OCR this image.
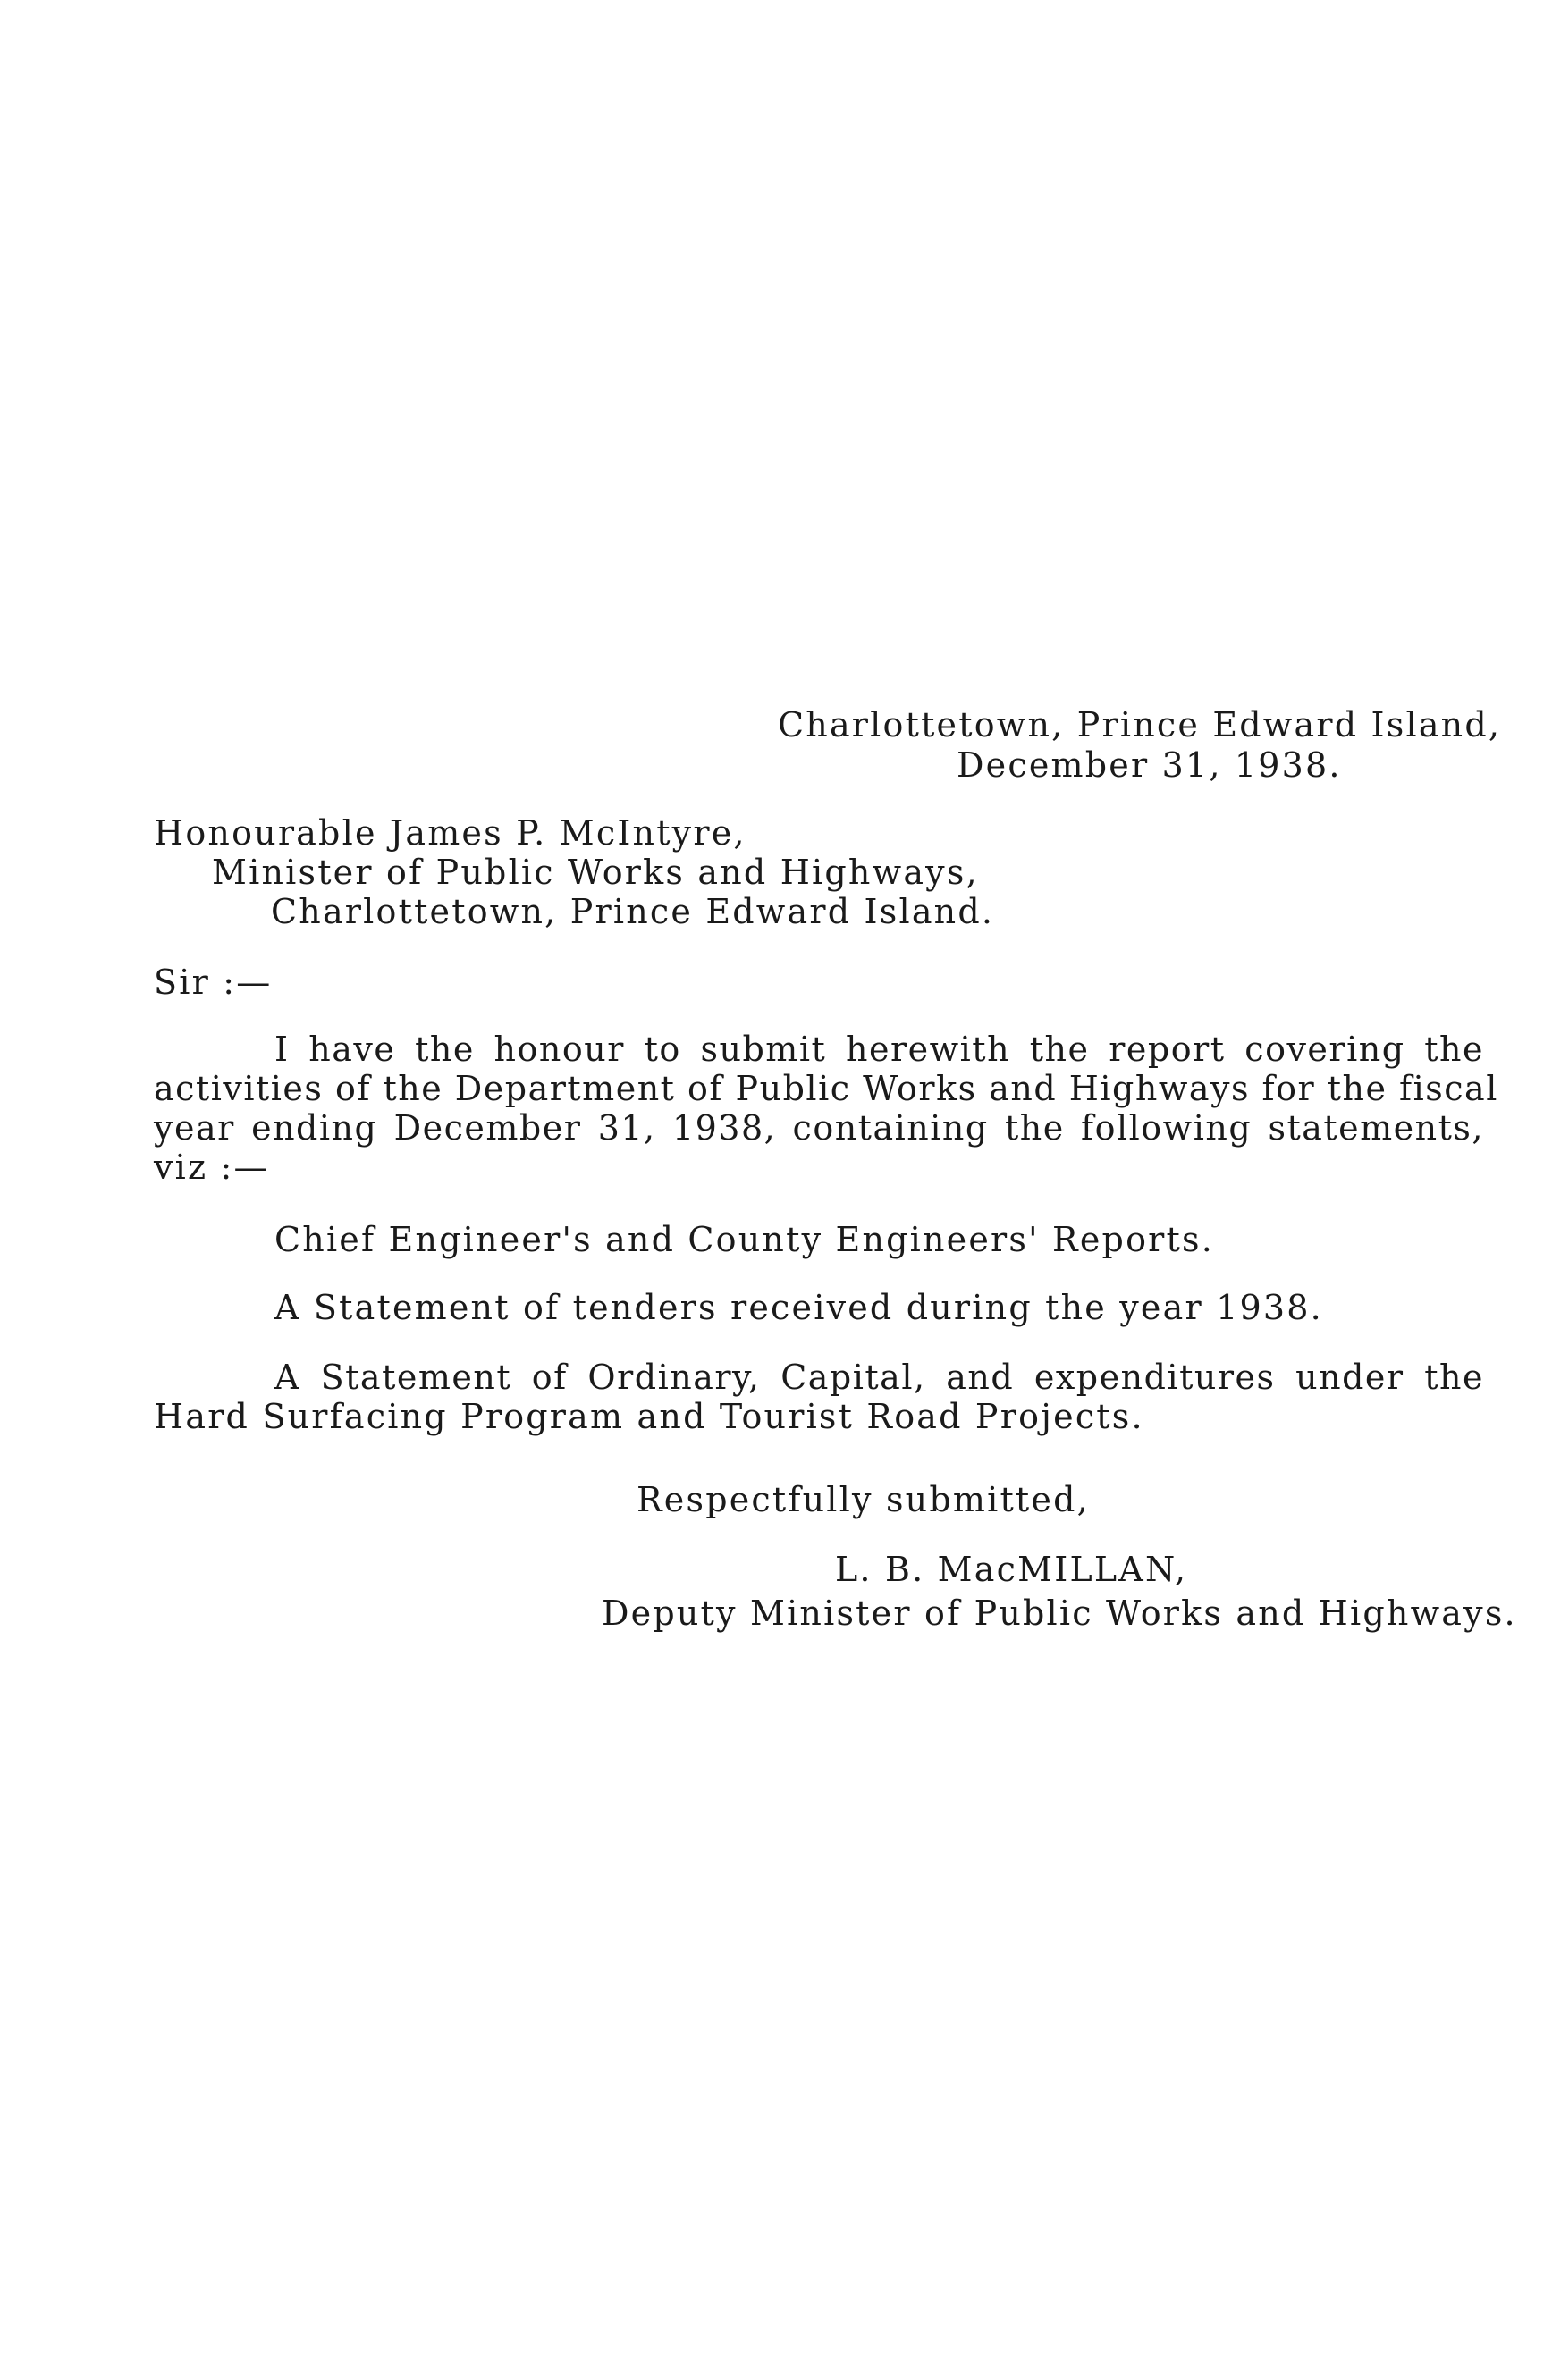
Charlottetown, Prince Edward Island,
December 31, 1938.
Honourable James P. McIntyre,
Minister of Public Works and Highways,
Charlottetown, Prince Edward Island.
Sir :—
I have the honour to submit herewith the report covering the
activities of the Department of Public Works and Highways for the fiscal
year ending December 31, 1938, containing the following statements,
viz :—
Chief Engineer's and County Engineers' Reports.
A Statement of tenders received during the year 1938.
A Statement of Ordinary, Capital, and expenditures under the
Hard Surfacing Program and Tourist Road Projects.
Respectfully submitted,
L. B. MacMILLAN,
Deputy Minister of Public Works and Highways.
